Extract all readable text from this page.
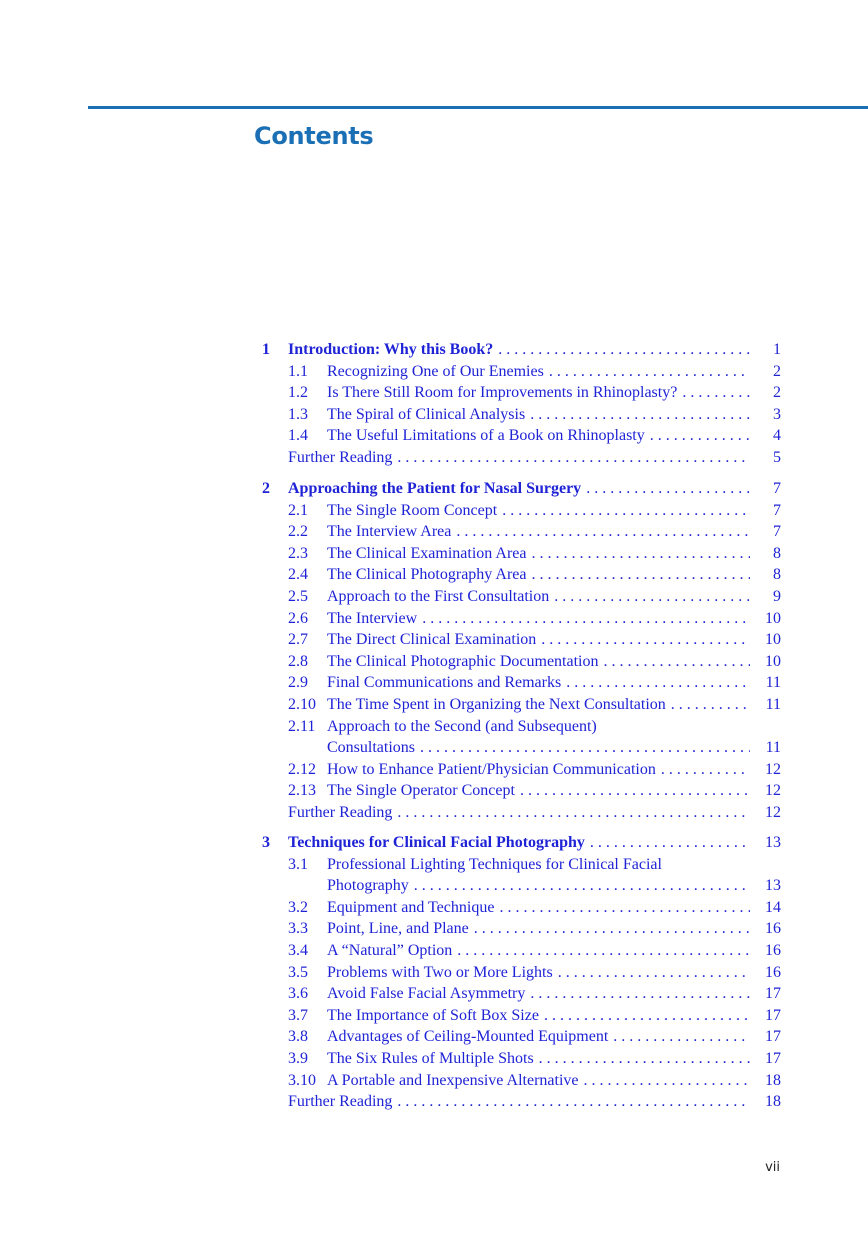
Contents
1 Introduction: Why this Book? . . .	1
1.1 Recognizing One of Our Enemies . . .	2
1.2 Is There Still Room for Improvements in Rhinoplasty? . . .	2
1.3 The Spiral of Clinical Analysis . . .	3
1.4 The Useful Limitations of a Book on Rhinoplasty . . .	4
Further Reading . . .	5
2 Approaching the Patient for Nasal Surgery . . .	7
2.1 The Single Room Concept . . .	7
2.2 The Interview Area . . .	7
2.3 The Clinical Examination Area . . .	8
2.4 The Clinical Photography Area . . .	8
2.5 Approach to the First Consultation . . .	9
2.6 The Interview . . .	10
2.7 The Direct Clinical Examination . . .	10
2.8 The Clinical Photographic Documentation . . .	10
2.9 Final Communications and Remarks . . .	11
2.10 The Time Spent in Organizing the Next Consultation . . .	11
2.11 Approach to the Second (and Subsequent)
Consultations . . .	11
2.12 How to Enhance Patient/Physician Communication . . .	12
2.13 The Single Operator Concept . . .	12
Further Reading . . .	12
3 Techniques for Clinical Facial Photography . . .	13
3.1 Professional Lighting Techniques for Clinical Facial
Photography . . .	13
3.2 Equipment and Technique . . .	14
3.3 Point, Line, and Plane . . .	16
3.4 A “Natural” Option . . .	16
3.5 Problems with Two or More Lights . . .	16
3.6 Avoid False Facial Asymmetry . . .	17
3.7 The Importance of Soft Box Size . . .	17
3.8 Advantages of Ceiling-Mounted Equipment . . .	17
3.9 The Six Rules of Multiple Shots . . .	17
3.10 A Portable and Inexpensive Alternative . . .	18
Further Reading . . .	18
vii
